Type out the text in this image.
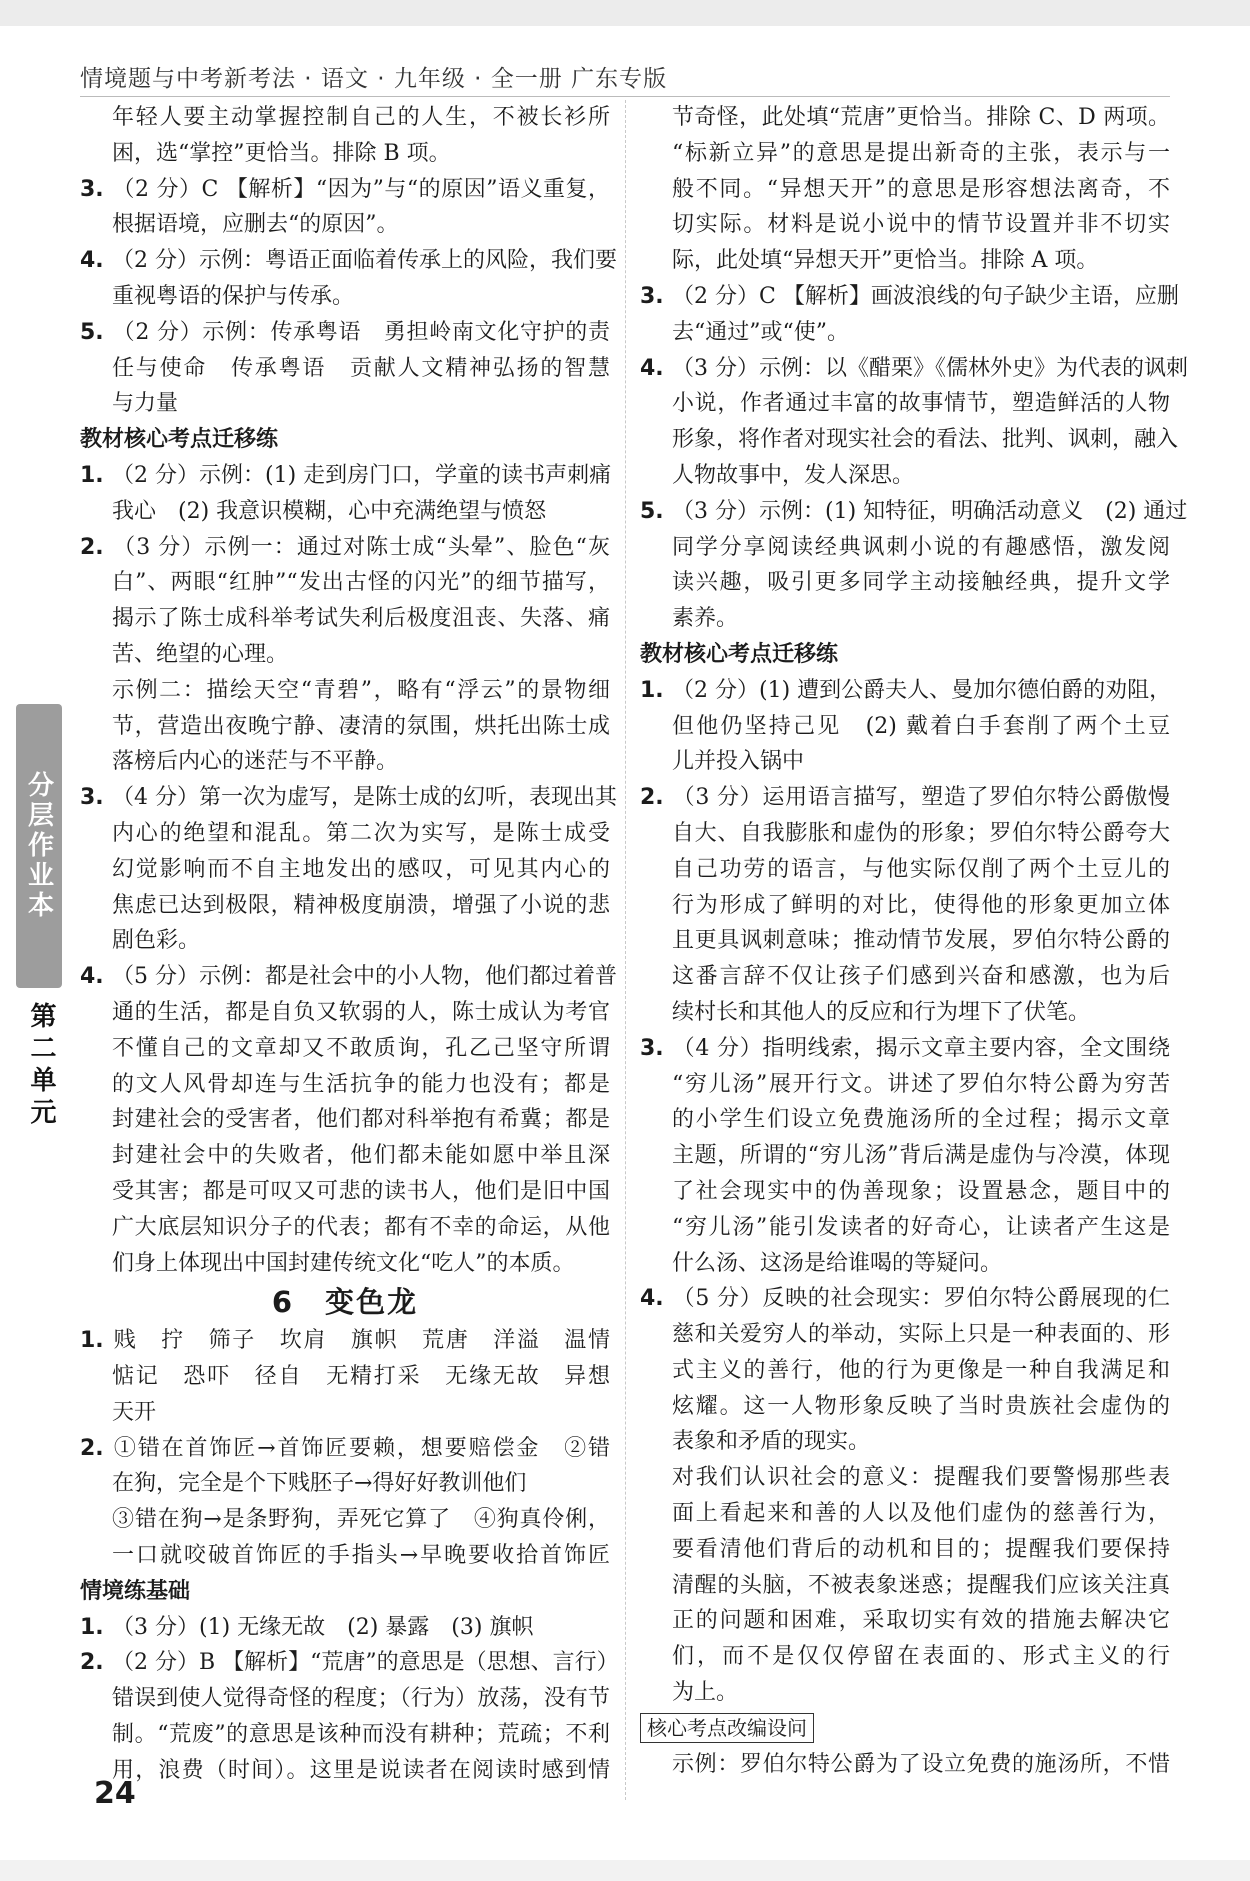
情境题与中考新考法 · 语文 · 九年级 · 全一册 广东专版
年轻人要主动掌握控制自己的人生，不被长衫所
困，选“掌控”更恰当。排除 B 项。
3. （2 分）C 【解析】“因为”与“的原因”语义重复，
根据语境，应删去“的原因”。
4. （2 分）示例：粤语正面临着传承上的风险，我们要
重视粤语的保护与传承。
5. （2 分）示例：传承粤语　勇担岭南文化守护的责
任与使命　传承粤语　贡献人文精神弘扬的智慧
与力量
教材核心考点迁移练
1. （2 分）示例：(1) 走到房门口，学童的读书声刺痛
我心　(2) 我意识模糊，心中充满绝望与愤怒
2. （3 分）示例一：通过对陈士成“头晕”、脸色“灰
白”、两眼“红肿”“发出古怪的闪光”的细节描写，
揭示了陈士成科举考试失利后极度沮丧、失落、痛
苦、绝望的心理。
示例二：描绘天空“青碧”，略有“浮云”的景物细
节，营造出夜晚宁静、凄清的氛围，烘托出陈士成
落榜后内心的迷茫与不平静。
3. （4 分）第一次为虚写，是陈士成的幻听，表现出其
内心的绝望和混乱。第二次为实写，是陈士成受
幻觉影响而不自主地发出的感叹，可见其内心的
焦虑已达到极限，精神极度崩溃，增强了小说的悲
剧色彩。
4. （5 分）示例：都是社会中的小人物，他们都过着普
通的生活，都是自负又软弱的人，陈士成认为考官
不懂自己的文章却又不敢质询，孔乙己坚守所谓
的文人风骨却连与生活抗争的能力也没有；都是
封建社会的受害者，他们都对科举抱有希冀；都是
封建社会中的失败者，他们都未能如愿中举且深
受其害；都是可叹又可悲的读书人，他们是旧中国
广大底层知识分子的代表；都有不幸的命运，从他
们身上体现出中国封建传统文化“吃人”的本质。
6　变色龙
1. 贱　拧　筛子　坎肩　旗帜　荒唐　洋溢　温情
惦记　恐吓　径自　无精打采　无缘无故　异想
天开
2. ①错在首饰匠→首饰匠要赖，想要赔偿金　②错
在狗，完全是个下贱胚子→得好好教训他们
③错在狗→是条野狗，弄死它算了　④狗真伶俐，
一口就咬破首饰匠的手指头→早晚要收拾首饰匠
情境练基础
1. （3 分）(1) 无缘无故　(2) 暴露　(3) 旗帜
2. （2 分）B 【解析】“荒唐”的意思是（思想、言行）
错误到使人觉得奇怪的程度；（行为）放荡，没有节
制。“荒废”的意思是该种而没有耕种；荒疏；不利
用，浪费（时间）。这里是说读者在阅读时感到情
节奇怪，此处填“荒唐”更恰当。排除 C、D 两项。
“标新立异”的意思是提出新奇的主张，表示与一
般不同。“异想天开”的意思是形容想法离奇，不
切实际。材料是说小说中的情节设置并非不切实
际，此处填“异想天开”更恰当。排除 A 项。
3. （2 分）C 【解析】画波浪线的句子缺少主语，应删
去“通过”或“使”。
4. （3 分）示例：以《醋栗》《儒林外史》为代表的讽刺
小说，作者通过丰富的故事情节，塑造鲜活的人物
形象，将作者对现实社会的看法、批判、讽刺，融入
人物故事中，发人深思。
5. （3 分）示例：(1) 知特征，明确活动意义　(2) 通过
同学分享阅读经典讽刺小说的有趣感悟，激发阅
读兴趣，吸引更多同学主动接触经典，提升文学
素养。
教材核心考点迁移练
1. （2 分）(1) 遭到公爵夫人、曼加尔德伯爵的劝阻，
但他仍坚持己见　(2) 戴着白手套削了两个土豆
儿并投入锅中
2. （3 分）运用语言描写，塑造了罗伯尔特公爵傲慢
自大、自我膨胀和虚伪的形象；罗伯尔特公爵夸大
自己功劳的语言，与他实际仅削了两个土豆儿的
行为形成了鲜明的对比，使得他的形象更加立体
且更具讽刺意味；推动情节发展，罗伯尔特公爵的
这番言辞不仅让孩子们感到兴奋和感激，也为后
续村长和其他人的反应和行为埋下了伏笔。
3. （4 分）指明线索，揭示文章主要内容，全文围绕
“穷儿汤”展开行文。讲述了罗伯尔特公爵为穷苦
的小学生们设立免费施汤所的全过程；揭示文章
主题，所谓的“穷儿汤”背后满是虚伪与冷漠，体现
了社会现实中的伪善现象；设置悬念，题目中的
“穷儿汤”能引发读者的好奇心，让读者产生这是
什么汤、这汤是给谁喝的等疑问。
4. （5 分）反映的社会现实：罗伯尔特公爵展现的仁
慈和关爱穷人的举动，实际上只是一种表面的、形
式主义的善行，他的行为更像是一种自我满足和
炫耀。这一人物形象反映了当时贵族社会虚伪的
表象和矛盾的现实。
对我们认识社会的意义：提醒我们要警惕那些表
面上看起来和善的人以及他们虚伪的慈善行为，
要看清他们背后的动机和目的；提醒我们要保持
清醒的头脑，不被表象迷惑；提醒我们应该关注真
正的问题和困难，采取切实有效的措施去解决它
们，而不是仅仅停留在表面的、形式主义的行
为上。
核心考点改编设问
示例：罗伯尔特公爵为了设立免费的施汤所，不惜
分层作业本
第二单元
24
